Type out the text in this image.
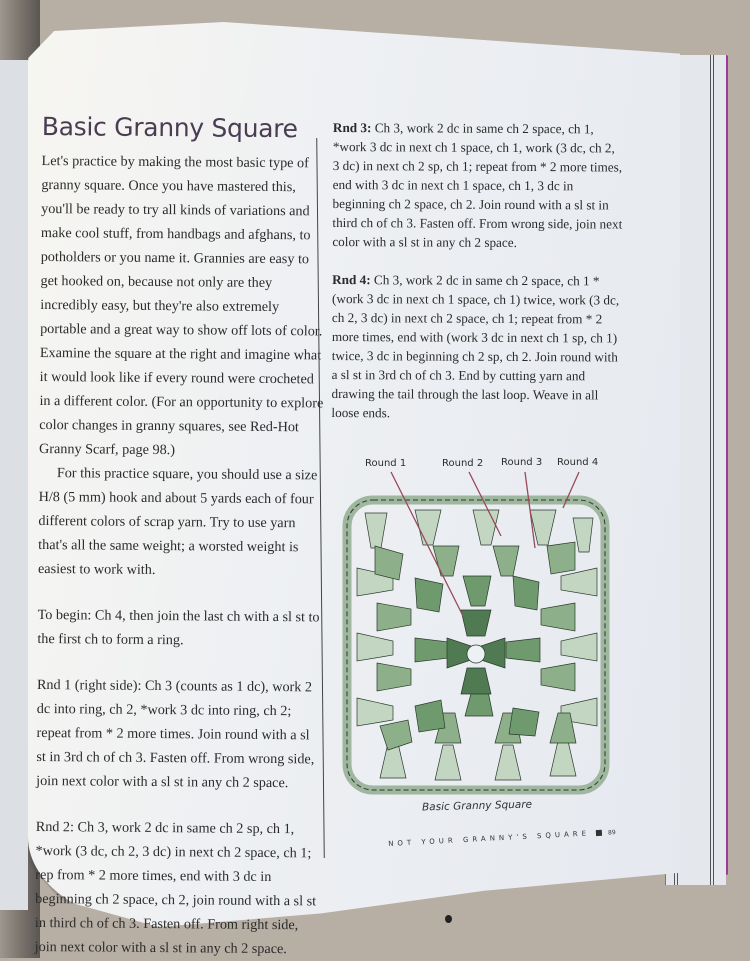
Basic Granny Square

Let's practice by making the most basic type of granny square. Once you have mastered this, you'll be ready to try all kinds of variations and make cool stuff, from handbags and afghans, to potholders or you name it. Grannies are easy to get hooked on, because not only are they incredibly easy, but they're also extremely portable and a great way to show off lots of color. Examine the square at the right and imagine what it would look like if every round were crocheted in a different color. (For an opportunity to explore color changes in granny squares, see Red-Hot Granny Scarf, page 98.)

For this practice square, you should use a size H/8 (5 mm) hook and about 5 yards each of four different colors of scrap yarn. Try to use yarn that's all the same weight; a worsted weight is easiest to work with.

To begin: Ch 4, then join the last ch with a sl st to the first ch to form a ring.

Rnd 1 (right side): Ch 3 (counts as 1 dc), work 2 dc into ring, ch 2, *work 3 dc into ring, ch 2; repeat from * 2 more times. Join round with a sl st in 3rd ch of ch 3. Fasten off. From wrong side, join next color with a sl st in any ch 2 space.

Rnd 2: Ch 3, work 2 dc in same ch 2 sp, ch 1, *work (3 dc, ch 2, 3 dc) in next ch 2 space, ch 1; rep from * 2 more times, end with 3 dc in beginning ch 2 space, ch 2, join round with a sl st in third ch of ch 3. Fasten off. From right side, join next color with a sl st in any ch 2 space.

Rnd 3: Ch 3, work 2 dc in same ch 2 space, ch 1, *work 3 dc in next ch 1 space, ch 1, work (3 dc, ch 2, 3 dc) in next ch 2 sp, ch 1; repeat from * 2 more times, end with 3 dc in next ch 1 space, ch 1, 3 dc in beginning ch 2 space, ch 2. Join round with a sl st in third ch of ch 3. Fasten off. From wrong side, join next color with a sl st in any ch 2 space.

Rnd 4: Ch 3, work 2 dc in same ch 2 space, ch 1 *(work 3 dc in next ch 1 space, ch 1) twice, work (3 dc, ch 2, 3 dc) in next ch 2 space, ch 1; repeat from * 2 more times, end with (work 3 dc in next ch 1 sp, ch 1) twice, 3 dc in beginning ch 2 sp, ch 2. Join round with a sl st in 3rd ch of ch 3. End by cutting yarn and drawing the tail through the last loop. Weave in all loose ends.

Round 1	Round 2 Round 3 Round 4
Basic Granny Square
NOT YOUR GRANNY'S SQUARE	89
